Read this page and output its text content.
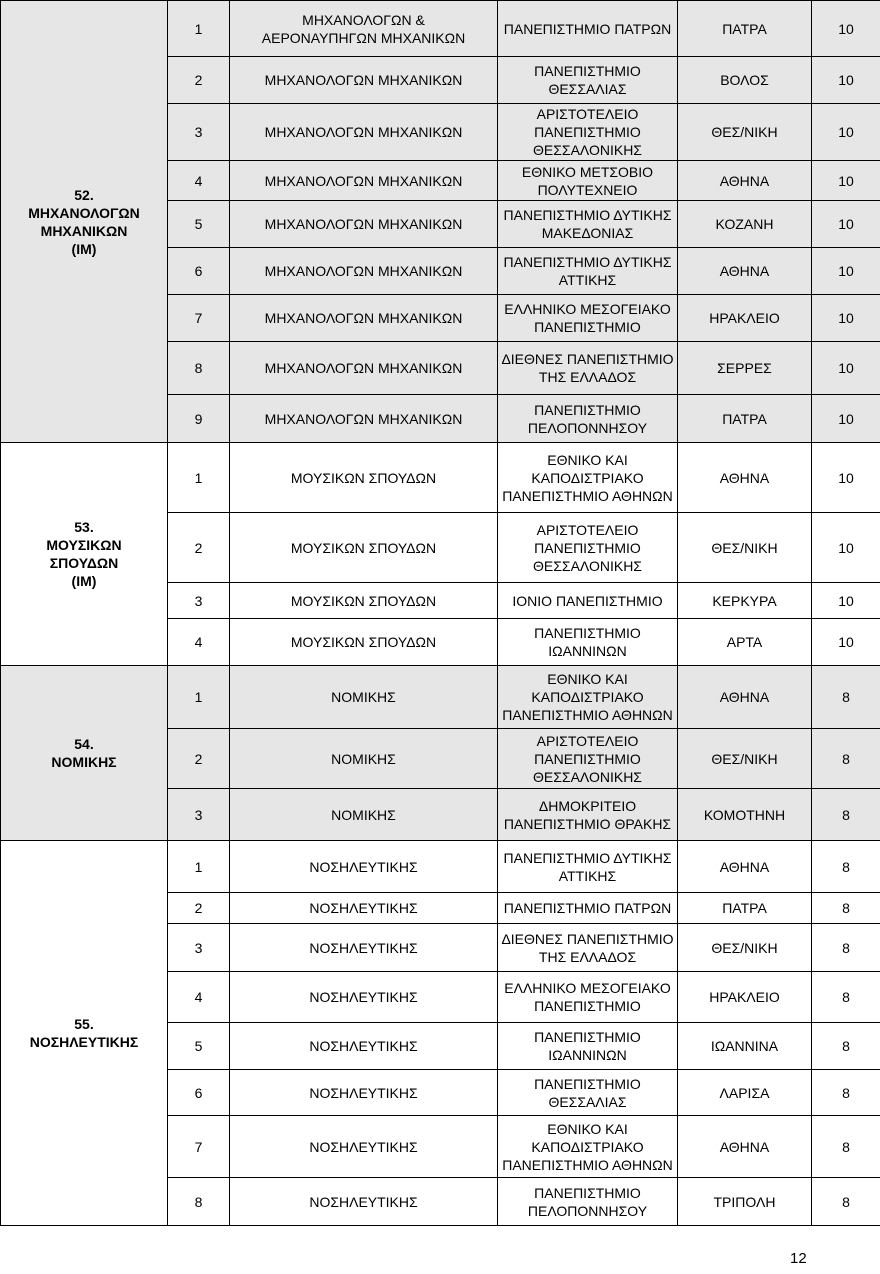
52.
ΜΗΧΑΝΟΛΟΓΩΝ
ΜΗΧΑΝΙΚΩΝ
(ΙΜ)	1	ΜΗΧΑΝΟΛΟΓΩΝ &
ΑΕΡΟΝΑΥΠΗΓΩΝ ΜΗΧΑΝΙΚΩΝ	ΠΑΝΕΠΙΣΤΗΜΙΟ ΠΑΤΡΩΝ	ΠΑΤΡΑ	10
	2	ΜΗΧΑΝΟΛΟΓΩΝ ΜΗΧΑΝΙΚΩΝ	ΠΑΝΕΠΙΣΤΗΜΙΟ
ΘΕΣΣΑΛΙΑΣ	ΒΟΛΟΣ	10
	3	ΜΗΧΑΝΟΛΟΓΩΝ ΜΗΧΑΝΙΚΩΝ	ΑΡΙΣΤΟΤΕΛΕΙΟ
ΠΑΝΕΠΙΣΤΗΜΙΟ
ΘΕΣΣΑΛΟΝΙΚΗΣ	ΘΕΣ/ΝΙΚΗ	10
	4	ΜΗΧΑΝΟΛΟΓΩΝ ΜΗΧΑΝΙΚΩΝ	ΕΘΝΙΚΟ ΜΕΤΣΟΒΙΟ
ΠΟΛΥΤΕΧΝΕΙΟ	ΑΘΗΝΑ	10
	5	ΜΗΧΑΝΟΛΟΓΩΝ ΜΗΧΑΝΙΚΩΝ	ΠΑΝΕΠΙΣΤΗΜΙΟ ΔΥΤΙΚΗΣ
ΜΑΚΕΔΟΝΙΑΣ	ΚΟΖΑΝΗ	10
	6	ΜΗΧΑΝΟΛΟΓΩΝ ΜΗΧΑΝΙΚΩΝ	ΠΑΝΕΠΙΣΤΗΜΙΟ ΔΥΤΙΚΗΣ
ΑΤΤΙΚΗΣ	ΑΘΗΝΑ	10
	7	ΜΗΧΑΝΟΛΟΓΩΝ ΜΗΧΑΝΙΚΩΝ	ΕΛΛΗΝΙΚΟ ΜΕΣΟΓΕΙΑΚΟ
ΠΑΝΕΠΙΣΤΗΜΙΟ	ΗΡΑΚΛΕΙΟ	10
	8	ΜΗΧΑΝΟΛΟΓΩΝ ΜΗΧΑΝΙΚΩΝ	ΔΙΕΘΝΕΣ ΠΑΝΕΠΙΣΤΗΜΙΟ
ΤΗΣ ΕΛΛΑΔΟΣ	ΣΕΡΡΕΣ	10
	9	ΜΗΧΑΝΟΛΟΓΩΝ ΜΗΧΑΝΙΚΩΝ	ΠΑΝΕΠΙΣΤΗΜΙΟ
ΠΕΛΟΠΟΝΝΗΣΟΥ	ΠΑΤΡΑ	10
53.
ΜΟΥΣΙΚΩΝ
ΣΠΟΥΔΩΝ
(ΙΜ)	1	ΜΟΥΣΙΚΩΝ ΣΠΟΥΔΩΝ	ΕΘΝΙΚΟ ΚΑΙ
ΚΑΠΟΔΙΣΤΡΙΑΚΟ
ΠΑΝΕΠΙΣΤΗΜΙΟ ΑΘΗΝΩΝ	ΑΘΗΝΑ	10
	2	ΜΟΥΣΙΚΩΝ ΣΠΟΥΔΩΝ	ΑΡΙΣΤΟΤΕΛΕΙΟ
ΠΑΝΕΠΙΣΤΗΜΙΟ
ΘΕΣΣΑΛΟΝΙΚΗΣ	ΘΕΣ/ΝΙΚΗ	10
	3	ΜΟΥΣΙΚΩΝ ΣΠΟΥΔΩΝ	ΙΟΝΙΟ ΠΑΝΕΠΙΣΤΗΜΙΟ	ΚΕΡΚΥΡΑ	10
	4	ΜΟΥΣΙΚΩΝ ΣΠΟΥΔΩΝ	ΠΑΝΕΠΙΣΤΗΜΙΟ
ΙΩΑΝΝΙΝΩΝ	ΑΡΤΑ	10
54.
ΝΟΜΙΚΗΣ	1	ΝΟΜΙΚΗΣ	ΕΘΝΙΚΟ ΚΑΙ
ΚΑΠΟΔΙΣΤΡΙΑΚΟ
ΠΑΝΕΠΙΣΤΗΜΙΟ ΑΘΗΝΩΝ	ΑΘΗΝΑ	8
	2	ΝΟΜΙΚΗΣ	ΑΡΙΣΤΟΤΕΛΕΙΟ
ΠΑΝΕΠΙΣΤΗΜΙΟ
ΘΕΣΣΑΛΟΝΙΚΗΣ	ΘΕΣ/ΝΙΚΗ	8
	3	ΝΟΜΙΚΗΣ	ΔΗΜΟΚΡΙΤΕΙΟ
ΠΑΝΕΠΙΣΤΗΜΙΟ ΘΡΑΚΗΣ	ΚΟΜΟΤΗΝΗ	8
55.
ΝΟΣΗΛΕΥΤΙΚΗΣ	1	ΝΟΣΗΛΕΥΤΙΚΗΣ	ΠΑΝΕΠΙΣΤΗΜΙΟ ΔΥΤΙΚΗΣ
ΑΤΤΙΚΗΣ	ΑΘΗΝΑ	8
	2	ΝΟΣΗΛΕΥΤΙΚΗΣ	ΠΑΝΕΠΙΣΤΗΜΙΟ ΠΑΤΡΩΝ	ΠΑΤΡΑ	8
	3	ΝΟΣΗΛΕΥΤΙΚΗΣ	ΔΙΕΘΝΕΣ ΠΑΝΕΠΙΣΤΗΜΙΟ
ΤΗΣ ΕΛΛΑΔΟΣ	ΘΕΣ/ΝΙΚΗ	8
	4	ΝΟΣΗΛΕΥΤΙΚΗΣ	ΕΛΛΗΝΙΚΟ ΜΕΣΟΓΕΙΑΚΟ
ΠΑΝΕΠΙΣΤΗΜΙΟ	ΗΡΑΚΛΕΙΟ	8
	5	ΝΟΣΗΛΕΥΤΙΚΗΣ	ΠΑΝΕΠΙΣΤΗΜΙΟ
ΙΩΑΝΝΙΝΩΝ	ΙΩΑΝΝΙΝΑ	8
	6	ΝΟΣΗΛΕΥΤΙΚΗΣ	ΠΑΝΕΠΙΣΤΗΜΙΟ
ΘΕΣΣΑΛΙΑΣ	ΛΑΡΙΣΑ	8
	7	ΝΟΣΗΛΕΥΤΙΚΗΣ	ΕΘΝΙΚΟ ΚΑΙ
ΚΑΠΟΔΙΣΤΡΙΑΚΟ
ΠΑΝΕΠΙΣΤΗΜΙΟ ΑΘΗΝΩΝ	ΑΘΗΝΑ	8
	8	ΝΟΣΗΛΕΥΤΙΚΗΣ	ΠΑΝΕΠΙΣΤΗΜΙΟ
ΠΕΛΟΠΟΝΝΗΣΟΥ	ΤΡΙΠΟΛΗ	8
12
